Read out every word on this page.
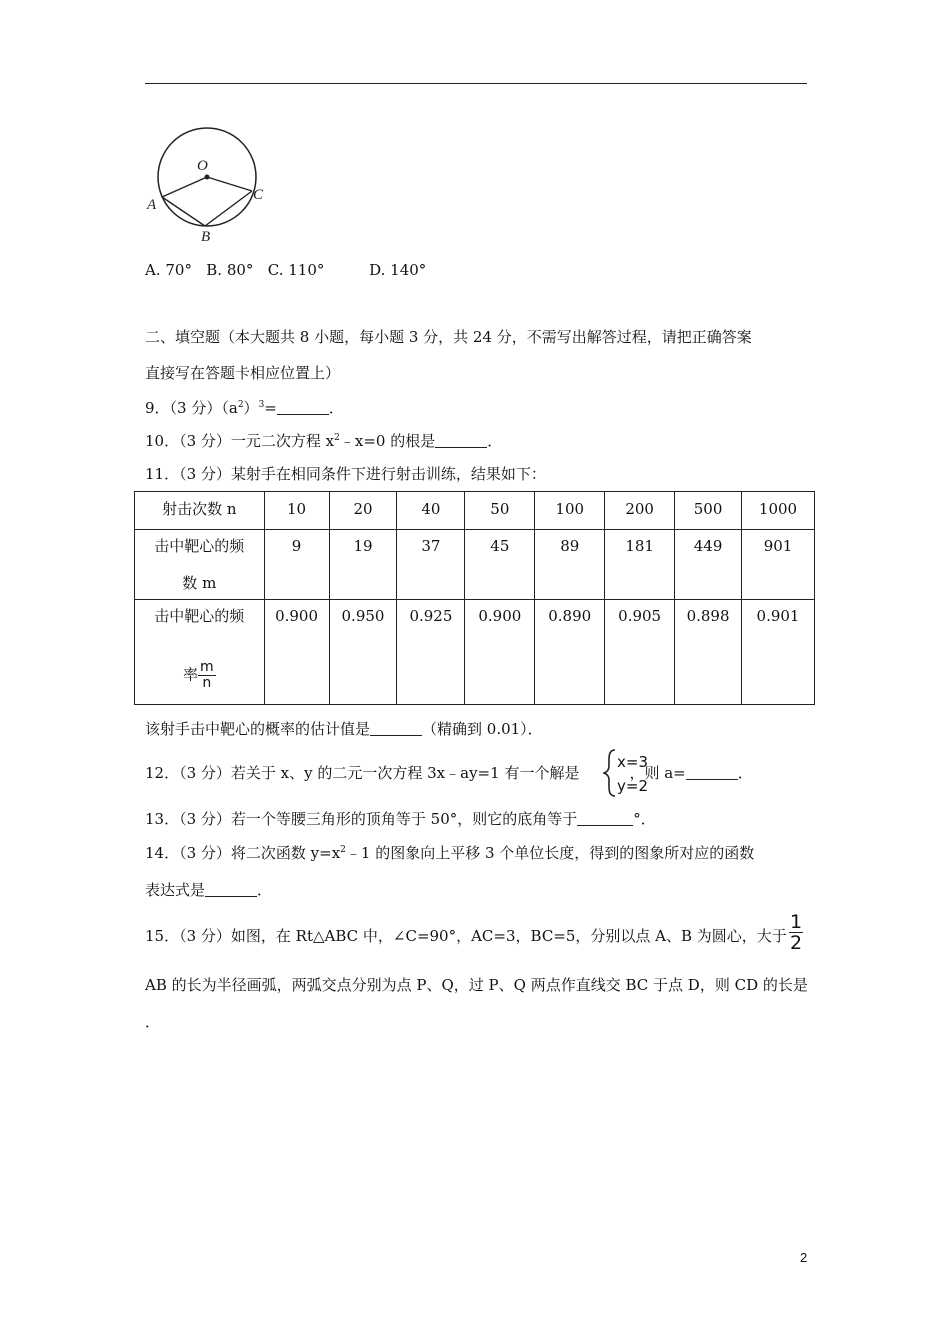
O
A
B
C
A. 70° B. 80° C. 110°	D. 140°
二、填空题（本大题共 8 小题，每小题 3 分，共 24 分，不需写出解答过程，请把正确答案
直接写在答题卡相应位置上）
9．（3 分）$(a^2)^3=$	．
10．（3 分）一元二次方程 $x^2﹣x=0$ 的根是	．
11．（3 分）某射手在相同条件下进行射击训练，结果如下：
射击次数 n	10	20	40	50	100	200	500	1000

击中靶心的频
数 m	9	19	37	45	89	181	449	901

击中靶心的频
率 $\frac{m}{n}$	0.900	0.950	0.925	0.900	0.890	0.905	0.898	0.901
该射手击中靶心的概率的估计值是	（精确到 0.01）．
12．（3 分）若关于 x、y 的二元一次方程 3x﹣ay=1 有一个解是	，则 a=	．
x=3
y=2
13．（3 分）若一个等腰三角形的顶角等于 50°，则它的底角等于	°．
14．（3 分）将二次函数 $y=x^2﹣1$ 的图象向上平移 3 个单位长度，得到的图象所对应的函数
表达式是	．
15．（3 分）如图，在 Rt△ABC 中，∠C=90°，AC=3，BC=5，分别以点 A、B 为圆心，大于 $\frac{1}{2}$
AB 的长为半径画弧，两弧交点分别为点 P、Q，过 P、Q 两点作直线交 BC 于点 D，则 CD 的长是
．
2
